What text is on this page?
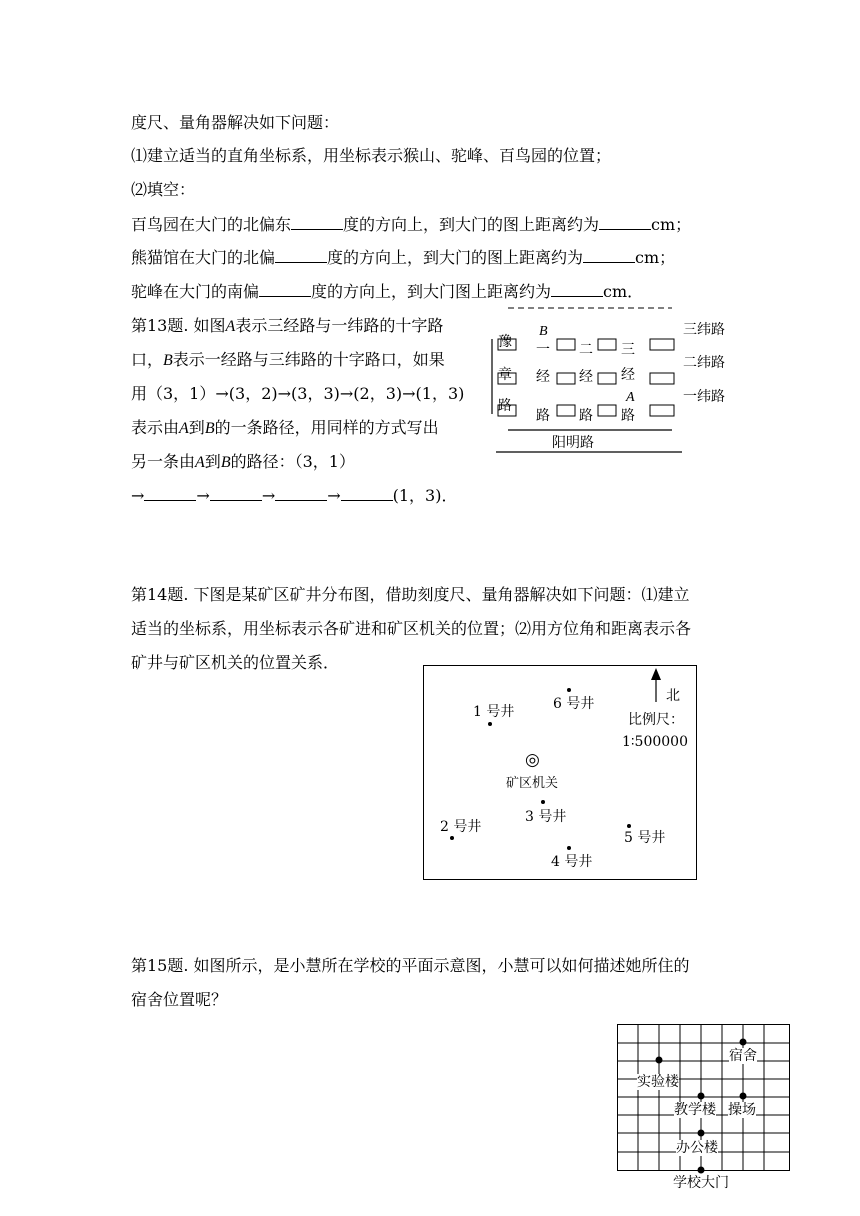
度尺、量角器解决如下问题：
⑴建立适当的直角坐标系，用坐标表示猴山、驼峰、百鸟园的位置；
⑵填空：
百鸟园在大门的北偏东	度的方向上，到大门的图上距离约为	cm；
熊猫馆在大门的北偏	度的方向上，到大门的图上距离约为	cm；
驼峰在大门的南偏	度的方向上，到大门图上距离约为	cm．
第13题. 如图A表示三经路与一纬路的十字路
口，B表示一经路与三纬路的十字路口，如果
用（3，1）→(3，2)→(3，3)→(2，3)→(1，3)
表示由A到B的一条路径，用同样的方式写出
另一条由A到B的路径：（3，1）
→	→	→	→	(1，3)．
B
A
豫
章
路
一
经
路
二
经
路
三
经
路
三纬路
二纬路
一纬路
阳明路
第14题. 下图是某矿区矿井分布图，借助刻度尺、量角器解决如下问题：⑴建立
适当的坐标系，用坐标表示各矿进和矿区机关的位置；⑵用方位角和距离表示各
矿井与矿区机关的位置关系．
北
比例尺：
1∶500000
6 号井
1 号井
◎
矿区机关
3 号井
2 号井
5 号井
4 号井
第15题. 如图所示，是小慧所在学校的平面示意图，小慧可以如何描述她所住的
宿舍位置呢？
宿舍
实验楼
教学楼 操场
办公楼
学校大门
